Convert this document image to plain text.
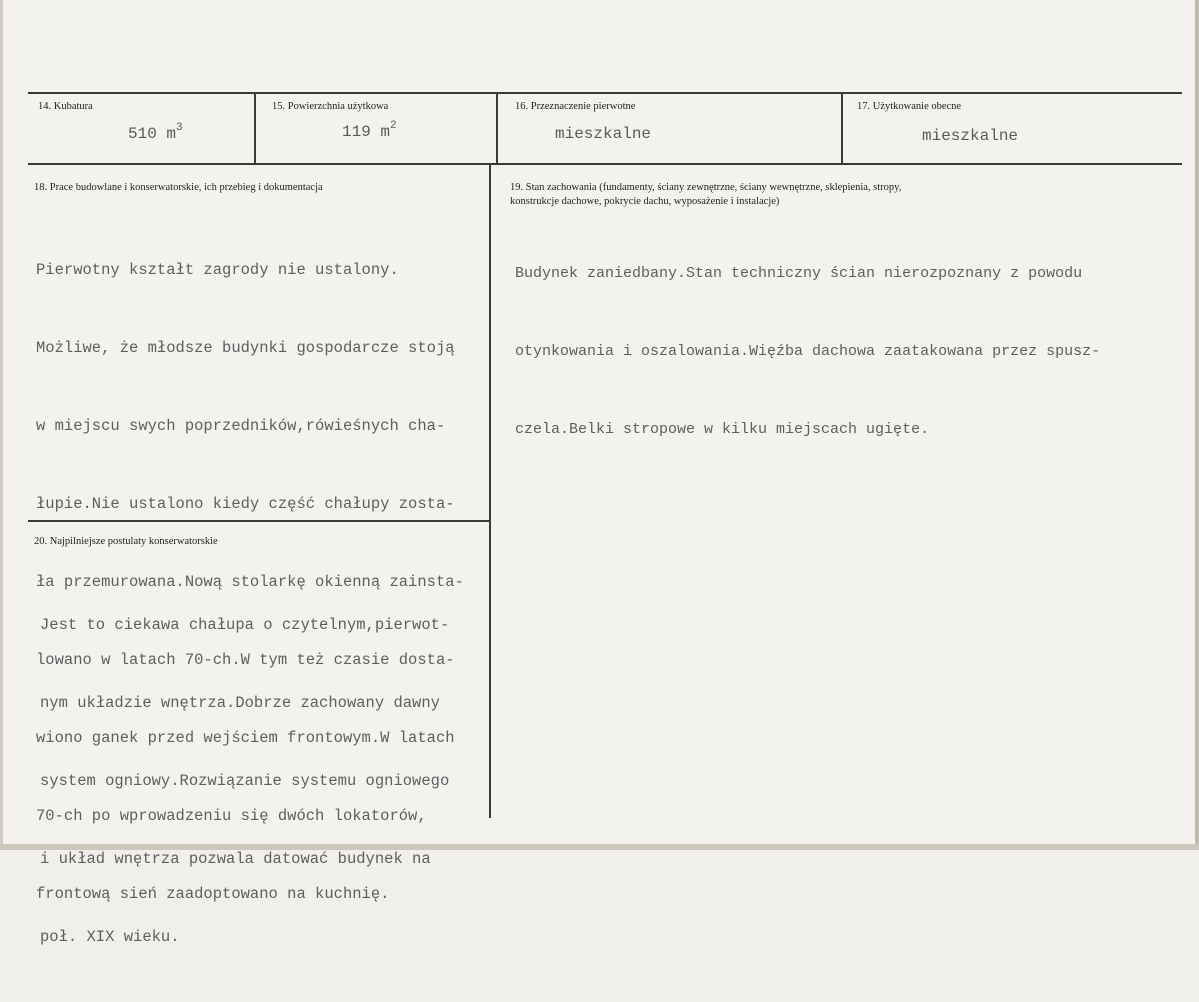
14. Kubatura
510 $m^3$
15. Powierzchnia użytkowa
119 $m^2$
16. Przeznaczenie pierwotne
mieszkalne
17. Użytkowanie obecne
mieszkalne
18. Prace budowlane i konserwatorskie, ich przebieg i dokumentacja

Pierwotny kształt zagrody nie ustalony.

Możliwe, że młodsze budynki gospodarcze stoją

w miejscu swych poprzedników,rówieśnych cha-

łupie.Nie ustalono kiedy część chałupy zosta-

ła przemurowana.Nową stolarkę okienną zainsta-

lowano w latach 70-ch.W tym też czasie dosta-

wiono ganek przed wejściem frontowym.W latach

70-ch po wprowadzeniu się dwóch lokatorów,

frontową sień zaadoptowano na kuchnię.

19. Stan zachowania (fundamenty, ściany zewnętrzne, ściany wewnętrzne, sklepienia, stropy,
konstrukcje dachowe, pokrycie dachu, wyposażenie i instalacje)

Budynek zaniedbany.Stan techniczny ścian nierozpoznany z powodu

otynkowania i oszalowania.Więźba dachowa zaatakowana przez spusz-

czela.Belki stropowe w kilku miejscach ugięte.

20. Najpilniejsze postulaty konserwatorskie

Jest to ciekawa chałupa o czytelnym,pierwot-

nym układzie wnętrza.Dobrze zachowany dawny

system ogniowy.Rozwiązanie systemu ogniowego

i układ wnętrza pozwala datować budynek na

poł. XIX wieku.
